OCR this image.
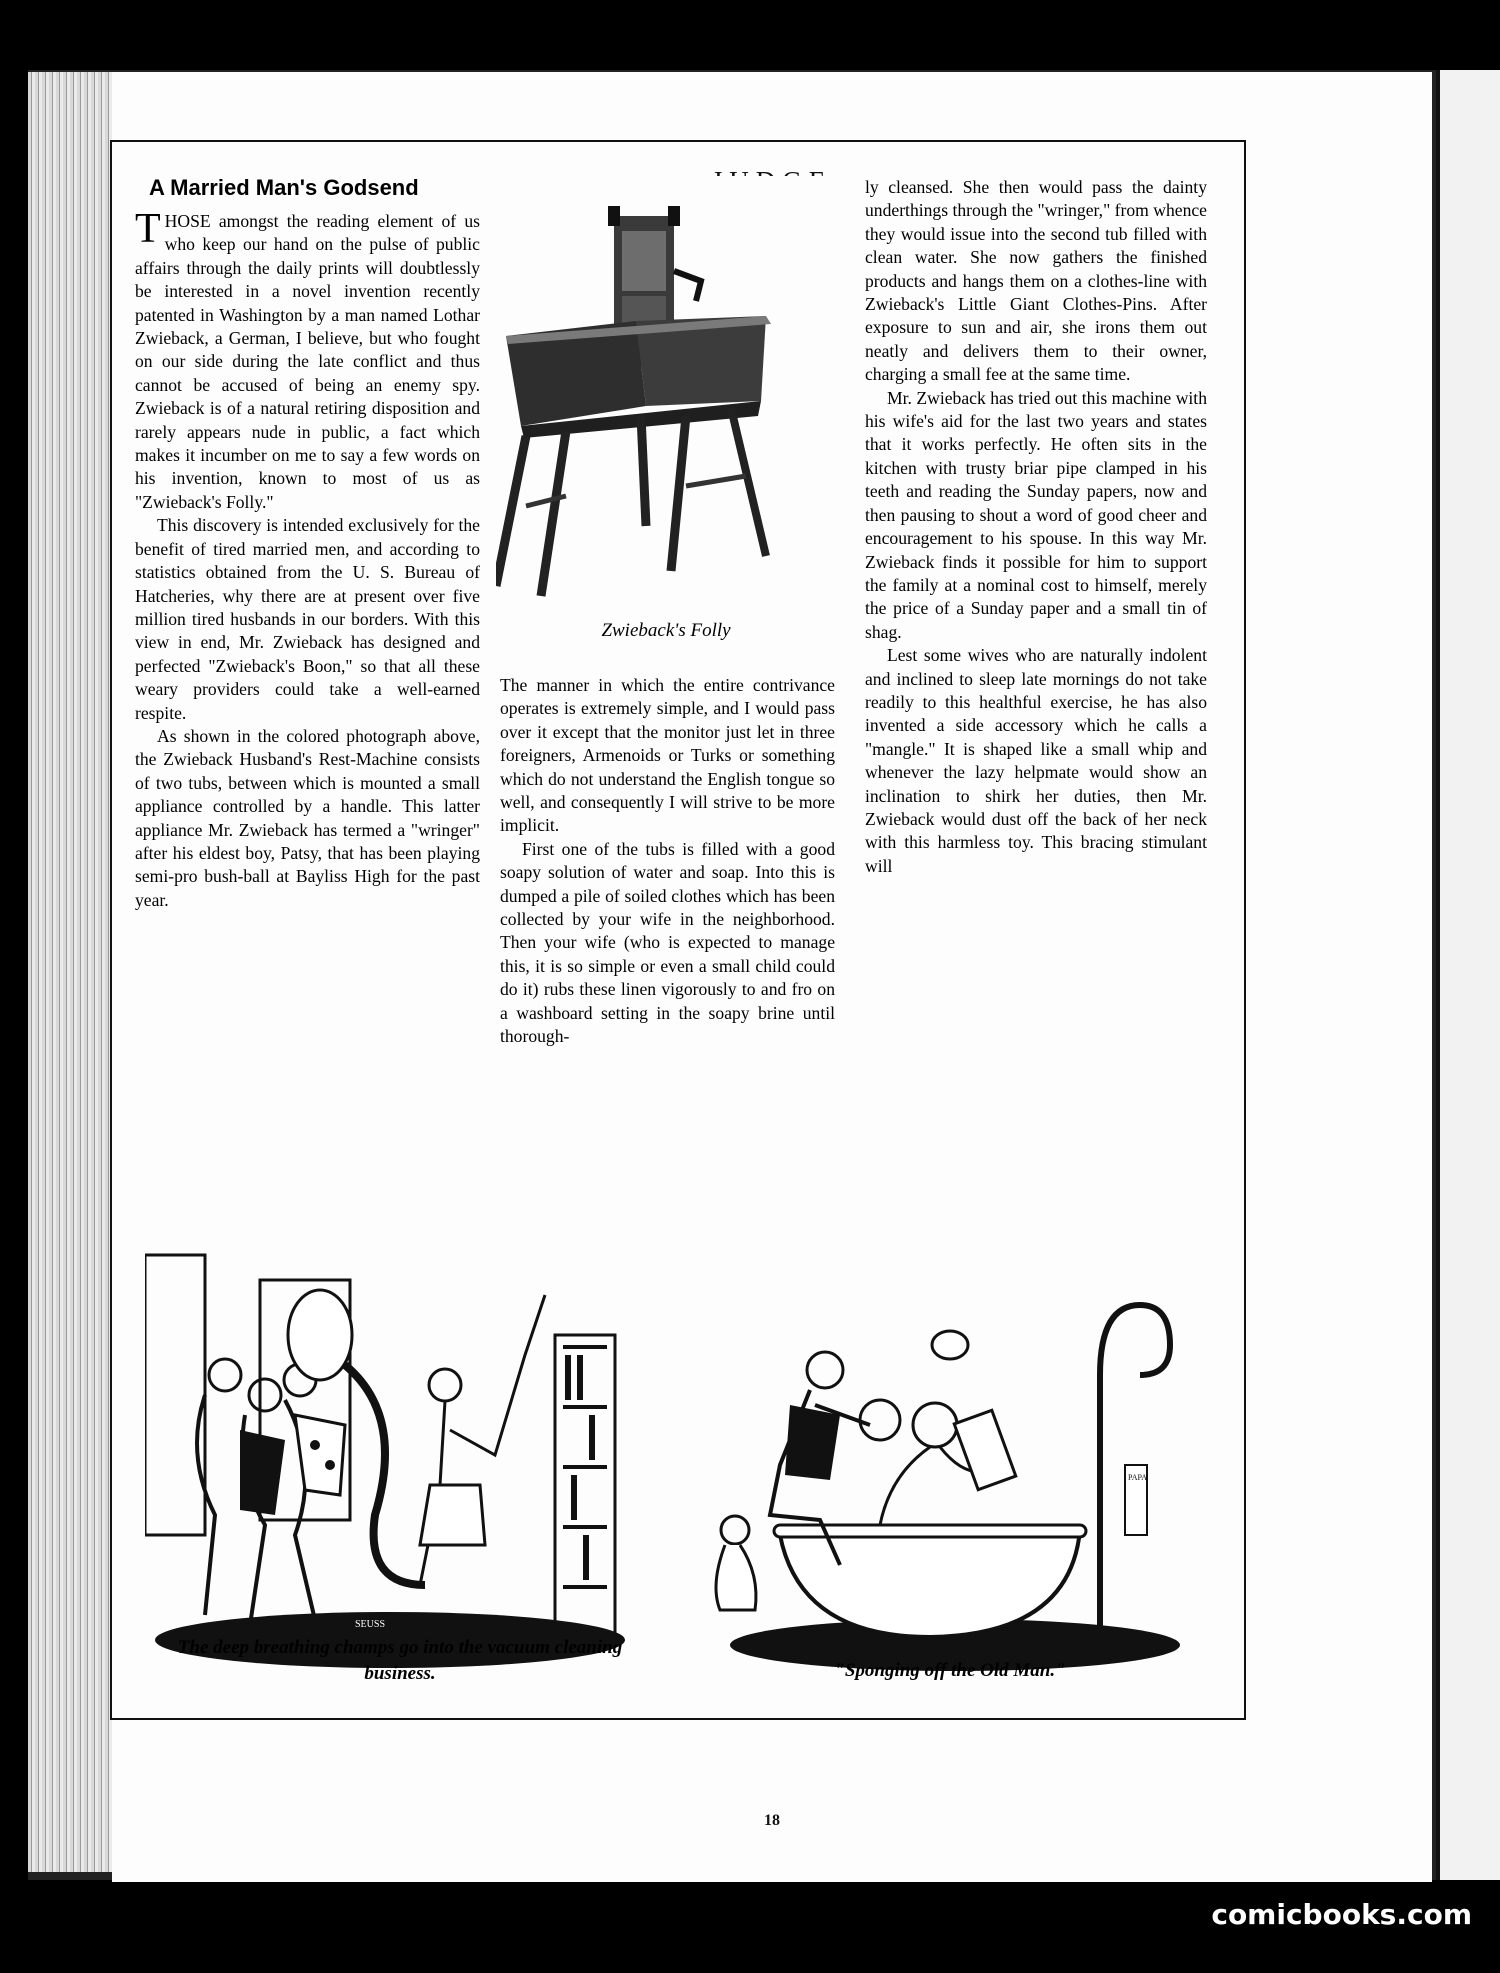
18
A Married Man's Godsend

THOSE amongst the reading element of us who keep our hand on the pulse of public affairs through the daily prints will doubtlessly be interested in a novel invention recently patented in Washington by a man named Lothar Zwieback, a German, I believe, but who fought on our side during the late conflict and thus cannot be accused of being an enemy spy. Zwieback is of a natural retiring disposition and rarely appears nude in public, a fact which makes it incumber on me to say a few words on his invention, known to most of us as "Zwieback's Folly."

This discovery is intended exclusively for the benefit of tired married men, and according to statistics obtained from the U. S. Bureau of Hatcheries, why there are at present over five million tired husbands in our borders. With this view in end, Mr. Zwieback has designed and perfected "Zwieback's Boon," so that all these weary providers could take a well-earned respite.

As shown in the colored photograph above, the Zwieback Husband's Rest-Machine consists of two tubs, between which is mounted a small appliance controlled by a handle. This latter appliance Mr. Zwieback has termed a "wringer" after his eldest boy, Patsy, that has been playing semi-pro bush-ball at Bayliss High for the past year.

Zwieback's Folly

The manner in which the entire contrivance operates is extremely simple, and I would pass over it except that the monitor just let in three foreigners, Armenoids or Turks or something which do not understand the English tongue so well, and consequently I will strive to be more implicit.

First one of the tubs is filled with a good soapy solution of water and soap. Into this is dumped a pile of soiled clothes which has been collected by your wife in the neighborhood. Then your wife (who is expected to manage this, it is so simple or even a small child could do it) rubs these linen vigorously to and fro on a washboard setting in the soapy brine until thorough-

ly cleansed. She then would pass the dainty underthings through the "wringer," from whence they would issue into the second tub filled with clean water. She now gathers the finished products and hangs them on a clothes-line with Zwieback's Little Giant Clothes-Pins. After exposure to sun and air, she irons them out neatly and delivers them to their owner, charging a small fee at the same time.

Mr. Zwieback has tried out this machine with his wife's aid for the last two years and states that it works perfectly. He often sits in the kitchen with trusty briar pipe clamped in his teeth and reading the Sunday papers, now and then pausing to shout a word of good cheer and encouragement to his spouse. In this way Mr. Zwieback finds it possible for him to support the family at a nominal cost to himself, merely the price of a Sunday paper and a small tin of shag.

Lest some wives who are naturally indolent and inclined to sleep late mornings do not take readily to this healthful exercise, he has also invented a side accessory which he calls a "mangle." It is shaped like a small whip and whenever the lazy helpmate would show an inclination to shirk her duties, then Mr. Zwieback would dust off the back of her neck with this harmless toy. This bracing stimulant will

SEUSS
The deep breathing champs go into the vacuum cleaning business.
PAPA
"Sponging off the Old Man."
comicbooks.com
